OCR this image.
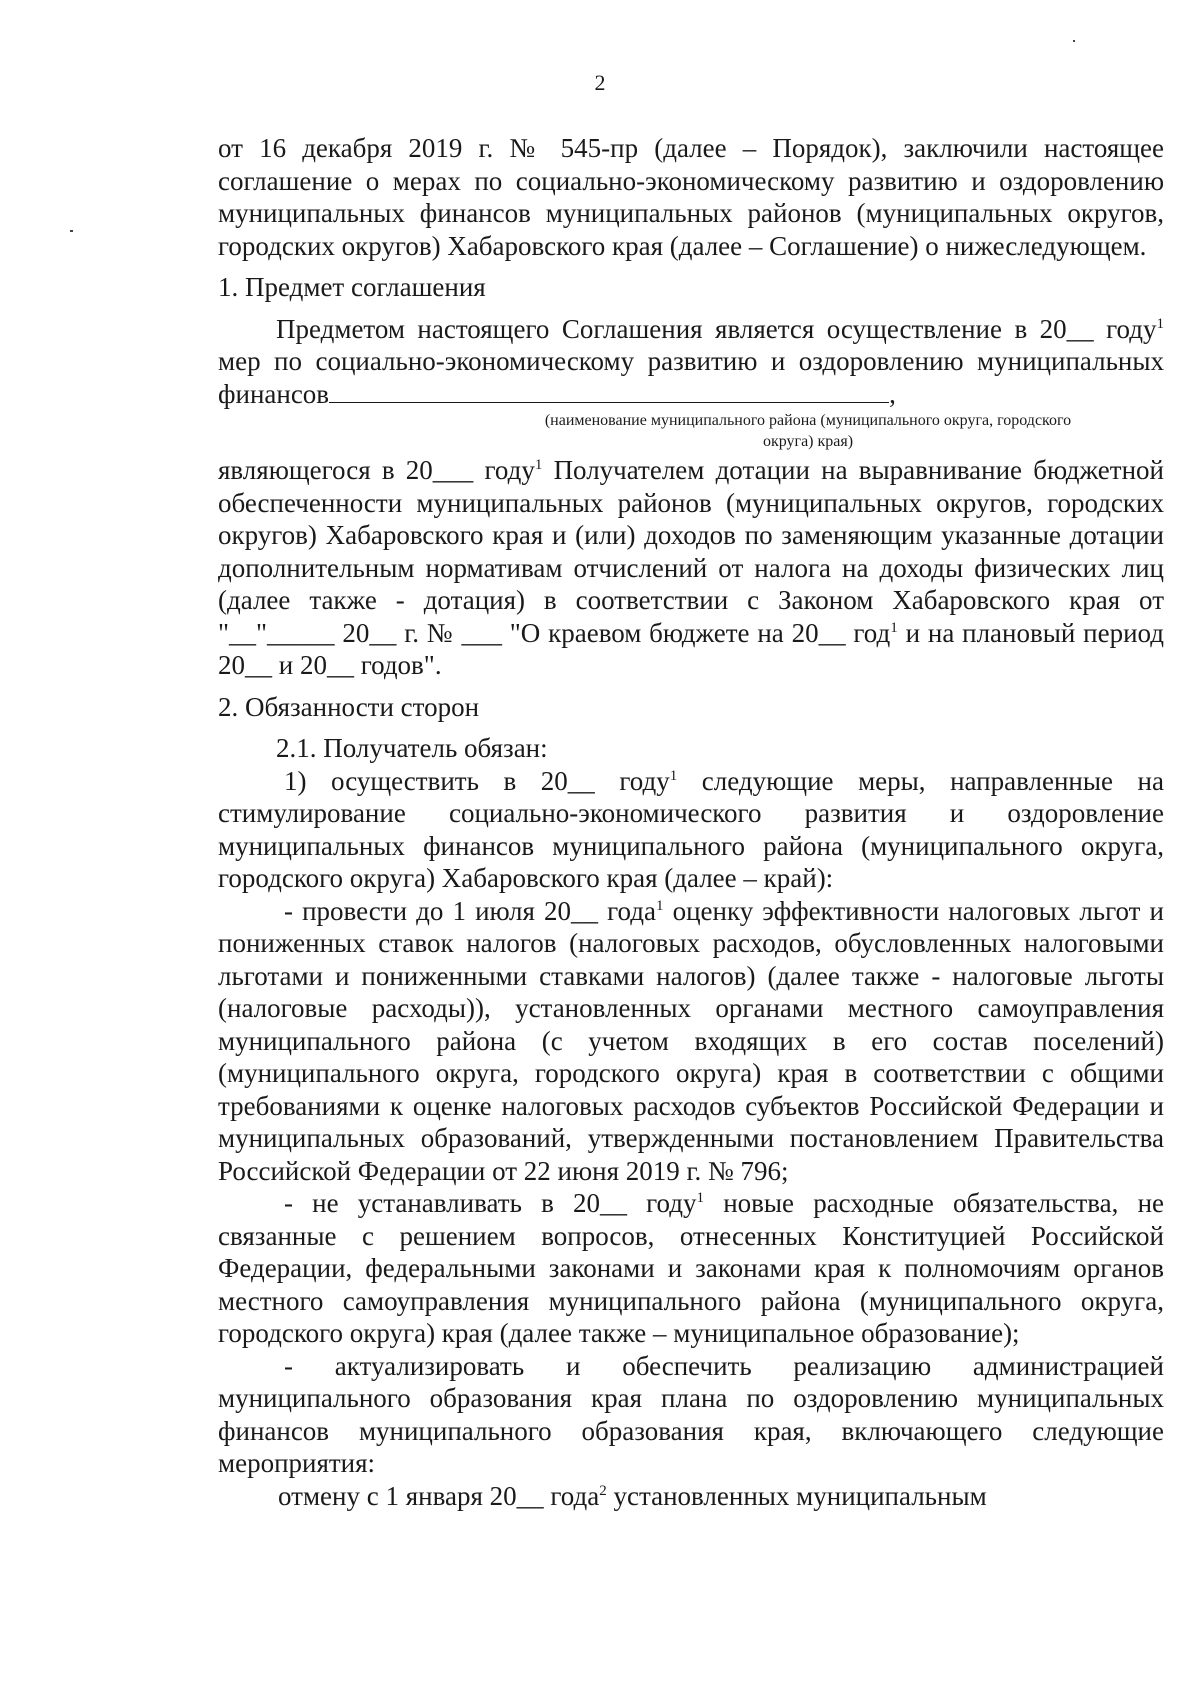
2

от 16 декабря 2019 г. № 545-пр (далее – Порядок), заключили настоящее соглашение о мерах по социально-экономическому развитию и оздоровлению муниципальных финансов муниципальных районов (муниципальных округов, городских округов) Хабаровского края (далее – Соглашение) о нижеследующем.

1. Предмет соглашения

Предметом настоящего Соглашения является осуществление в 20__ году$^1$ мер по социально-экономическому развитию и оздоровлению муниципальных финансов	,

(наименование муниципального района (муниципального округа, городского округа) края)

являющегося в 20___ году$^1$ Получателем дотации на выравнивание бюджетной обеспеченности муниципальных районов (муниципальных округов, городских округов) Хабаровского края и (или) доходов по заменяющим указанные дотации дополнительным нормативам отчислений от налога на доходы физических лиц (далее также - дотация) в соответствии с Законом Хабаровского края от "__"_____ 20__ г. № ___ "О краевом бюджете на 20__ год$^1$ и на плановый период 20__ и 20__ годов".

2. Обязанности сторон

2.1. Получатель обязан:

1) осуществить в 20__ году$^1$ следующие меры, направленные на стимулирование социально-экономического развития и оздоровление муниципальных финансов муниципального района (муниципального округа, городского округа) Хабаровского края (далее – край):

- провести до 1 июля 20__ года$^1$ оценку эффективности налоговых льгот и пониженных ставок налогов (налоговых расходов, обусловленных налоговыми льготами и пониженными ставками налогов) (далее также - налоговые льготы (налоговые расходы)), установленных органами местного самоуправления муниципального района (с учетом входящих в его состав поселений) (муниципального округа, городского округа) края в соответствии с общими требованиями к оценке налоговых расходов субъектов Российской Федерации и муниципальных образований, утвержденными постановлением Правительства Российской Федерации от 22 июня 2019 г. № 796;

- не устанавливать в 20__ году$^1$ новые расходные обязательства, не связанные с решением вопросов, отнесенных Конституцией Российской Федерации, федеральными законами и законами края к полномочиям органов местного самоуправления муниципального района (муниципального округа, городского округа) края (далее также – муниципальное образование);

- актуализировать и обеспечить реализацию администрацией муниципального образования края плана по оздоровлению муниципальных финансов муниципального образования края, включающего следующие мероприятия:

отмену с 1 января 20__ года$^2$ установленных муниципальным
